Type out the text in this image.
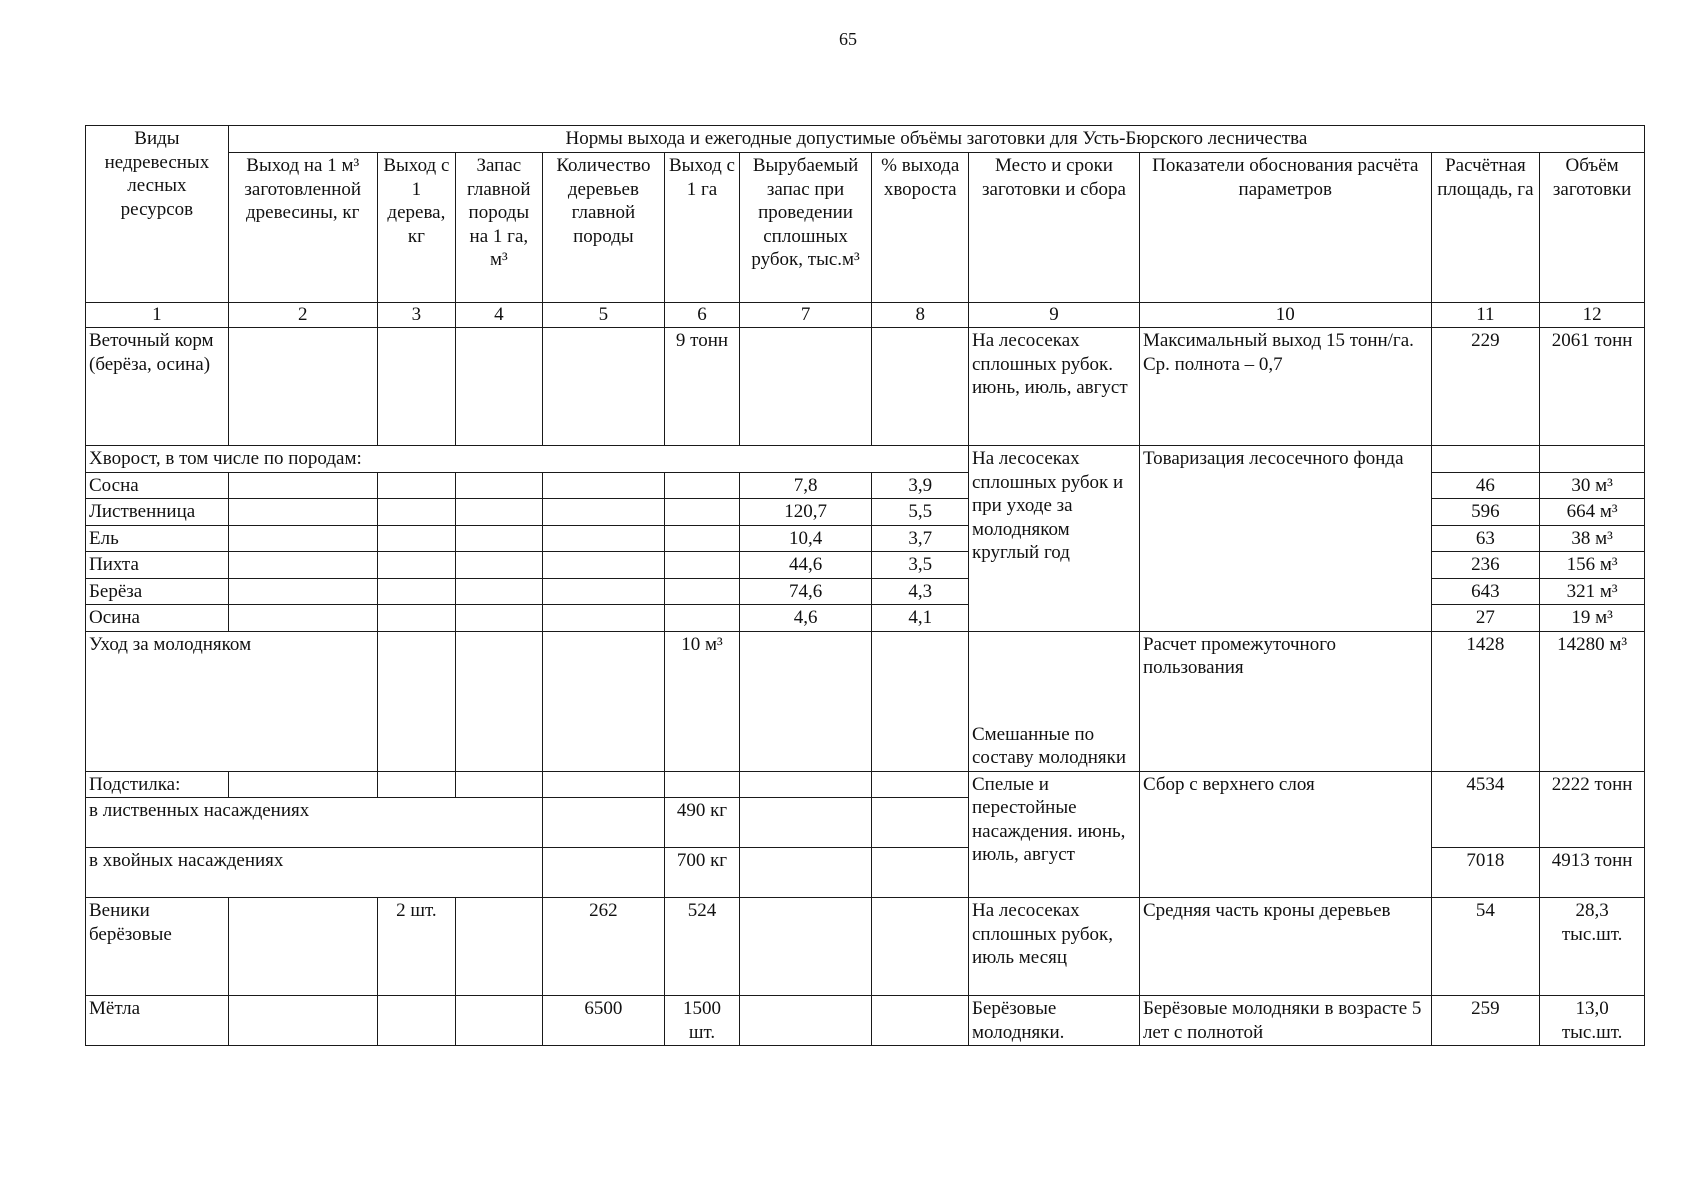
65
Виды недревесных лесных ресурсов	Нормы выхода и ежегодные допустимые объёмы заготовки для Усть-Бюрского лесничества										
	Выход на 1 м³ заготовленной древесины, кг	Выход с 1 дерева, кг	Запас главной породы на 1 га, м³	Количество деревьев главной породы	Выход с 1 га	Вырубаемый запас при проведении сплошных рубок, тыс.м³	% выхода хвороста	Место и сроки заготовки и сбора	Показатели обоснования расчёта параметров	Расчётная площадь, га	Объём заготовки
1	2	3	4	5	6	7	8	9	10	11	12
Веточный корм (берёза, осина)					9 тонн			На лесосеках сплошных рубок. июнь, июль, август	Максимальный выход 15 тонн/га. Ср. полнота – 0,7	229	2061 тонн
Хворост, в том числе по породам:								На лесосеках сплошных рубок и при уходе за молодняком круглый год	Товаризация лесосечного фонда		
Сосна						7,8	3,9			46	30 м³
Лиственница						120,7	5,5			596	664 м³
Ель						10,4	3,7			63	38 м³
Пихта						44,6	3,5			236	156 м³
Берёза						74,6	4,3			643	321 м³
Осина						4,6	4,1			27	19 м³
Уход за молодняком					10 м³			Смешанные по составу молодняки	Расчет промежуточного пользования	1428	14280 м³
Подстилка:								Спелые и перестойные насаждения. июнь, июль, август	Сбор с верхнего слоя	4534	2222 тонн
в лиственных насаждениях					490 кг						
в хвойных насаждениях					700 кг					7018	4913 тонн
Веники берёзовые		2 шт.		262	524			На лесосеках сплошных рубок, июль месяц	Средняя часть кроны деревьев	54	28,3 тыс.шт.
Мётла				6500	1500 шт.			Берёзовые молодняки.	Берёзовые молодняки в возрасте 5 лет с полнотой	259	13,0 тыс.шт.
